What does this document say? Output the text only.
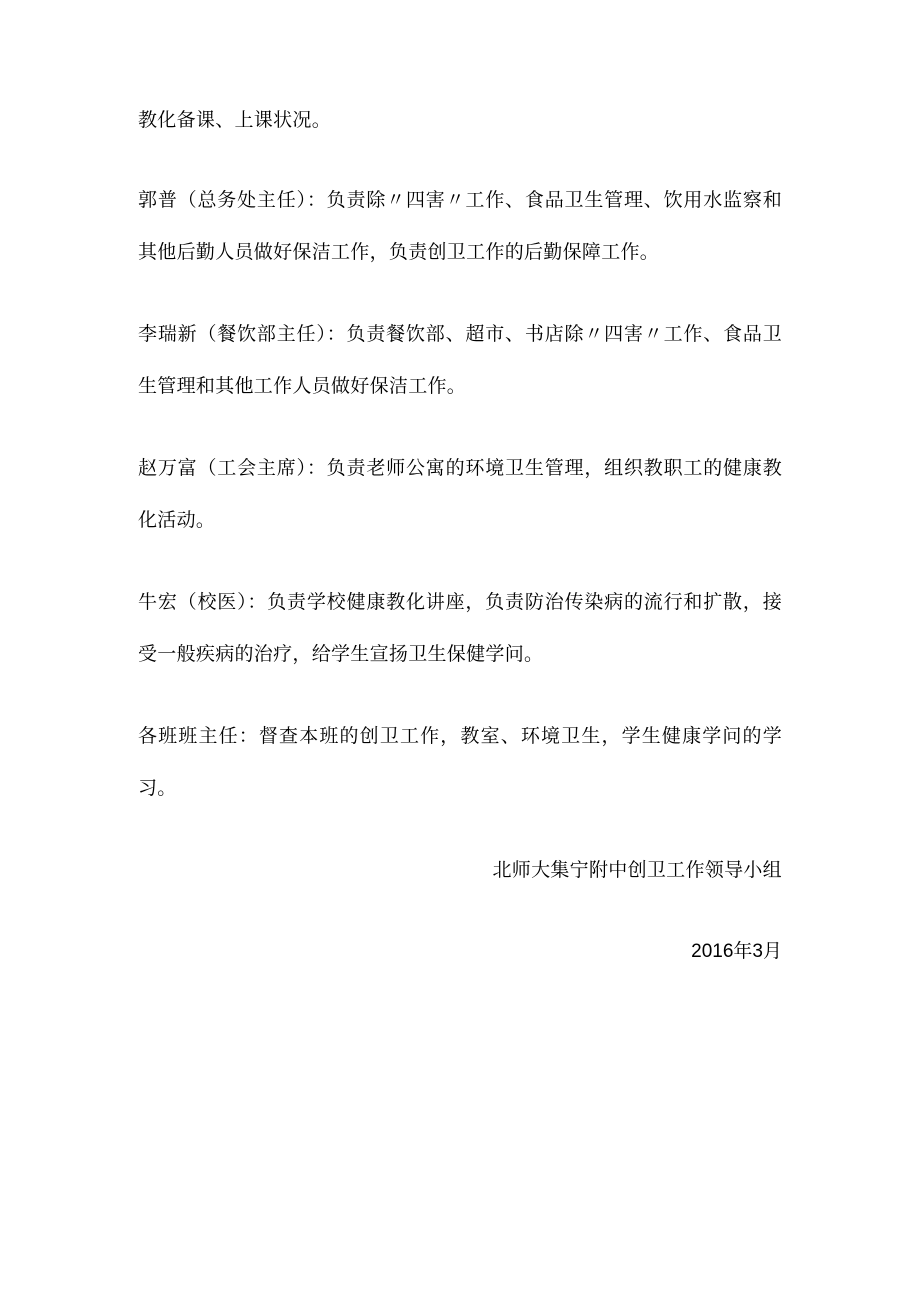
教化备课、上课状况。

郭普（总务处主任）：负责除〃四害〃工作、食品卫生管理、饮用水监察和其他后勤人员做好保洁工作，负责创卫工作的后勤保障工作。

李瑞新（餐饮部主任）：负责餐饮部、超市、书店除〃四害〃工作、食品卫生管理和其他工作人员做好保洁工作。

赵万富（工会主席）：负责老师公寓的环境卫生管理，组织教职工的健康教化活动。

牛宏（校医）：负责学校健康教化讲座，负责防治传染病的流行和扩散，接受一般疾病的治疗，给学生宣扬卫生保健学问。

各班班主任：督查本班的创卫工作，教室、环境卫生，学生健康学问的学习。

北师大集宁附中创卫工作领导小组

2016年3月
